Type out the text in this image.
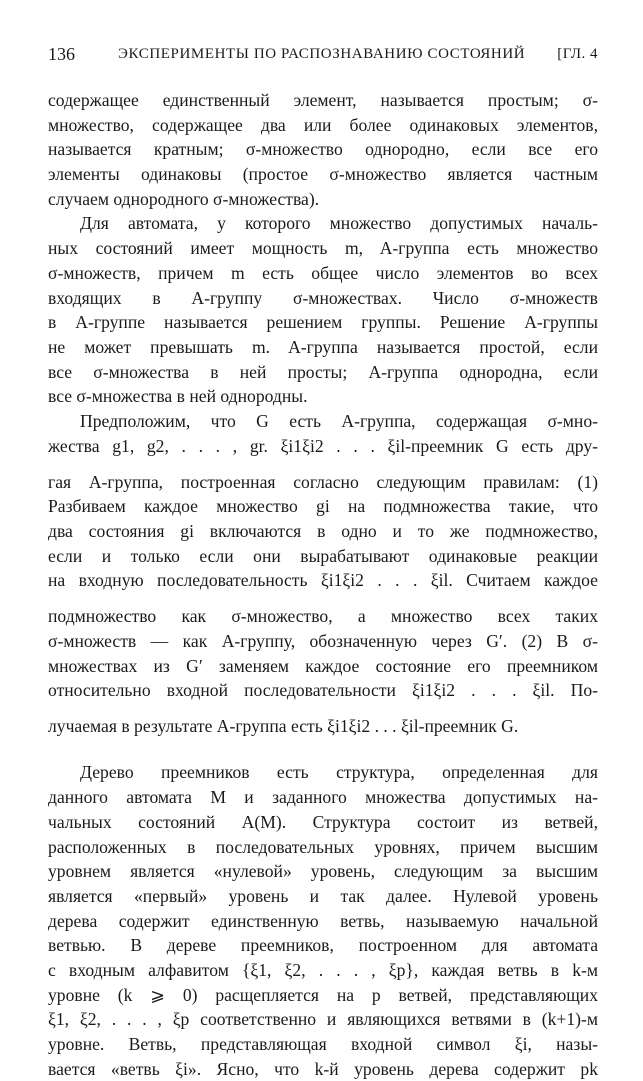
136	ЭКСПЕРИМЕНТЫ ПО РАСПОЗНАВАНИЮ СОСТОЯНИЙ [ГЛ. 4
содержащее единственный элемент, называется простым; σ-
множество, содержащее два или более одинаковых элементов,
называется кратным; σ-множество однородно, если все его
элементы одинаковы (простое σ-множество является частным
случаем однородного σ-множества).
Для автомата, у которого множество допустимых началь-
ных состояний имеет мощность m, A-группа есть множество
σ-множеств, причем m есть общее число элементов во всех
входящих в A-группу σ-множествах. Число σ-множеств
в A-группе называется решением группы. Решение A-группы
не может превышать m. A-группа называется простой, если
все σ-множества в ней просты; A-группа однородна, если
все σ-множества в ней однородны.
Предположим, что G есть A-группа, содержащая σ-мно-
жества g1, g2, . . . , gr. ξi1ξi2 . . . ξil-преемник G есть дру-
гая A-группа, построенная согласно следующим правилам: (1)
Разбиваем каждое множество gi на подмножества такие, что
два состояния gi включаются в одно и то же подмножество,
если и только если они вырабатывают одинаковые реакции
на входную последовательность ξi1ξi2 . . . ξil. Считаем каждое
подмножество как σ-множество, а множество всех таких
σ-множеств — как A-группу, обозначенную через G′. (2) В σ-
множествах из G′ заменяем каждое состояние его преемником
относительно входной последовательности ξi1ξi2 . . . ξil. По-
лучаемая в результате A-группа есть ξi1ξi2 . . . ξil-преемник G.
Дерево преемников есть структура, определенная для
данного автомата M и заданного множества допустимых на-
чальных состояний A(M). Структура состоит из ветвей,
расположенных в последовательных уровнях, причем высшим
уровнем является «нулевой» уровень, следующим за высшим
является «первый» уровень и так далее. Нулевой уровень
дерева содержит единственную ветвь, называемую начальной
ветвью. В дереве преемников, построенном для автомата
с входным алфавитом {ξ1, ξ2, . . . , ξp}, каждая ветвь в k-м
уровне (k ⩾ 0) расщепляется на p ветвей, представляющих
ξ1, ξ2, . . . , ξp соответственно и являющихся ветвями в (k+1)-м
уровне. Ветвь, представляющая входной символ ξi, назы-
вается «ветвь ξi». Ясно, что k-й уровень дерева содержит pk
